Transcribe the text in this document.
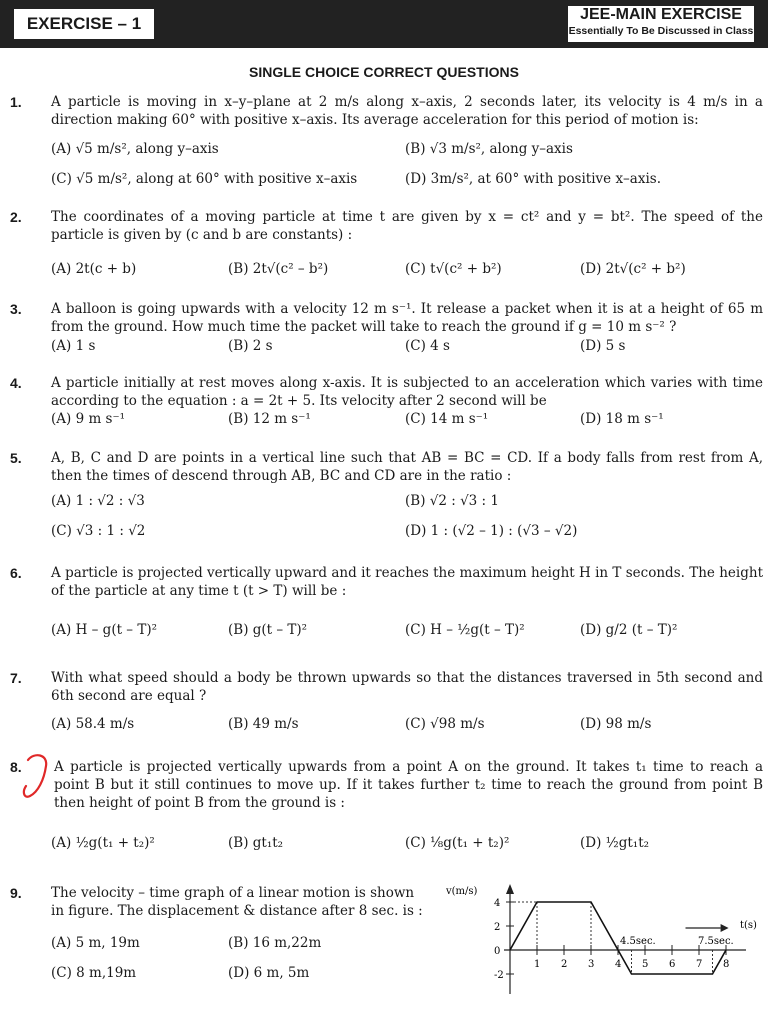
EXERCISE – 1	JEE-MAIN EXERCISE
Essentially To Be Discussed in Class
SINGLE CHOICE CORRECT QUESTIONS
1. A particle is moving in x–y–plane at 2 m/s along x–axis, 2 seconds later, its velocity is 4 m/s in a direction making 60° with positive x–axis. Its average acceleration for this period of motion is:
(A) √5 m/s², along y–axis	(B) √3 m/s², along y–axis
(C) √5 m/s², along at 60° with positive x–axis	(D) 3m/s², at 60° with positive x–axis.
2. The coordinates of a moving particle at time t are given by x = ct² and y = bt². The speed of the particle is given by (c and b are constants) :
(A) 2t(c + b)	(B) 2t√(c² – b²)	(C) t√(c² + b²)	(D) 2t√(c² + b²)
3. A balloon is going upwards with a velocity 12 m s⁻¹. It release a packet when it is at a height of 65 m from the ground. How much time the packet will take to reach the ground if g = 10 m s⁻² ?
(A) 1 s	(B) 2 s	(C) 4 s	(D) 5 s
4. A particle initially at rest moves along x-axis. It is subjected to an acceleration which varies with time according to the equation : a = 2t + 5. Its velocity after 2 second will be
(A) 9 m s⁻¹	(B) 12 m s⁻¹	(C) 14 m s⁻¹	(D) 18 m s⁻¹
5. A, B, C and D are points in a vertical line such that AB = BC = CD. If a body falls from rest from A, then the times of descend through AB, BC and CD are in the ratio :
(A) 1 : √2 : √3	(B) √2 : √3 : 1
(C) √3 : 1 : √2	(D) 1 : (√2 – 1) : (√3 – √2)
6. A particle is projected vertically upward and it reaches the maximum height H in T seconds. The height of the particle at any time t (t > T) will be :
(A) H – g(t – T)²	(B) g(t – T)²	(C) H – ½g(t – T)²	(D) g/2 (t – T)²
7. With what speed should a body be thrown upwards so that the distances traversed in 5th second and 6th second are equal ?
(A) 58.4 m/s	(B) 49 m/s	(C) √98 m/s	(D) 98 m/s
8. A particle is projected vertically upwards from a point A on the ground. It takes t₁ time to reach a point B but it still continues to move up. If it takes further t₂ time to reach the ground from point B then height of point B from the ground is :
(A) ½g(t₁ + t₂)²	(B) gt₁t₂	(C) ⅛g(t₁ + t₂)²	(D) ½gt₁t₂
9. The velocity – time graph of a linear motion is shown in figure. The displacement & distance after 8 sec. is :
(A) 5 m, 19m	(B) 16 m,22m
(C) 8 m,19m	(D) 6 m, 5m
4
2
0
-2
1 2 3 4 5 6 7 8
v(m/s)
t(s)
4.5sec.	7.5sec.
